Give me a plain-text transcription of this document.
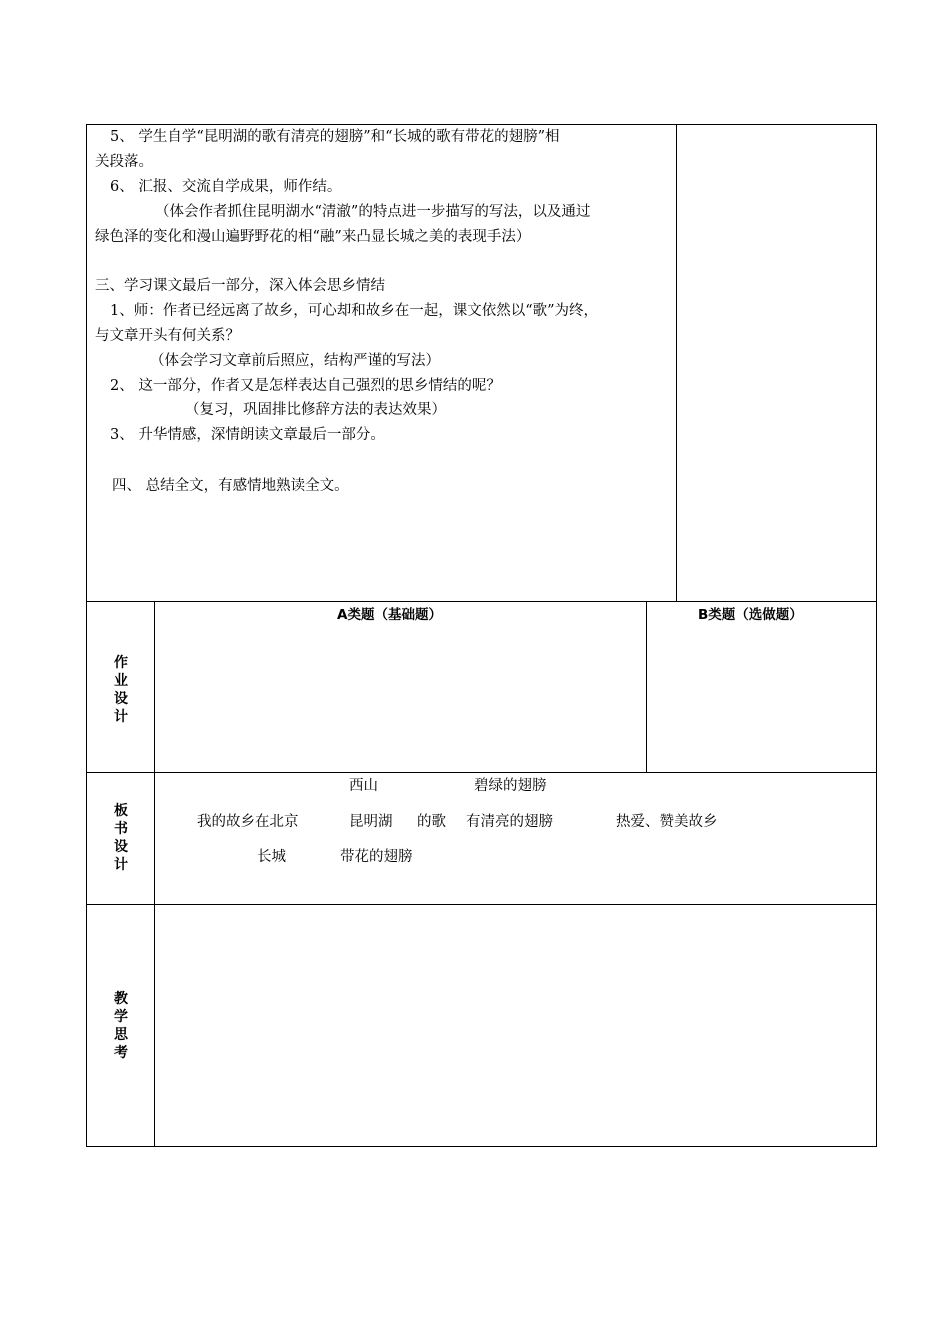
5、 学生自学“昆明湖的歌有清亮的翅膀”和“长城的歌有带花的翅膀”相
关段落。
6、 汇报、交流自学成果，师作结。
（体会作者抓住昆明湖水“清澈”的特点进一步描写的写法，以及通过
绿色泽的变化和漫山遍野野花的相“融”来凸显长城之美的表现手法）
三、学习课文最后一部分，深入体会思乡情结
1、师：作者已经远离了故乡，可心却和故乡在一起，课文依然以“歌”为终，
与文章开头有何关系？
（体会学习文章前后照应，结构严谨的写法）
2、 这一部分，作者又是怎样表达自己强烈的思乡情结的呢？
（复习，巩固排比修辞方法的表达效果）
3、 升华情感，深情朗读文章最后一部分。
四、 总结全文，有感情地熟读全文。
作业设计
A类题（基础题）	B类题（选做题）
板书设计
西山	碧绿的翅膀
我的故乡在北京	昆明湖 的歌 有清亮的翅膀	热爱、赞美故乡
长城	带花的翅膀
教学思考
